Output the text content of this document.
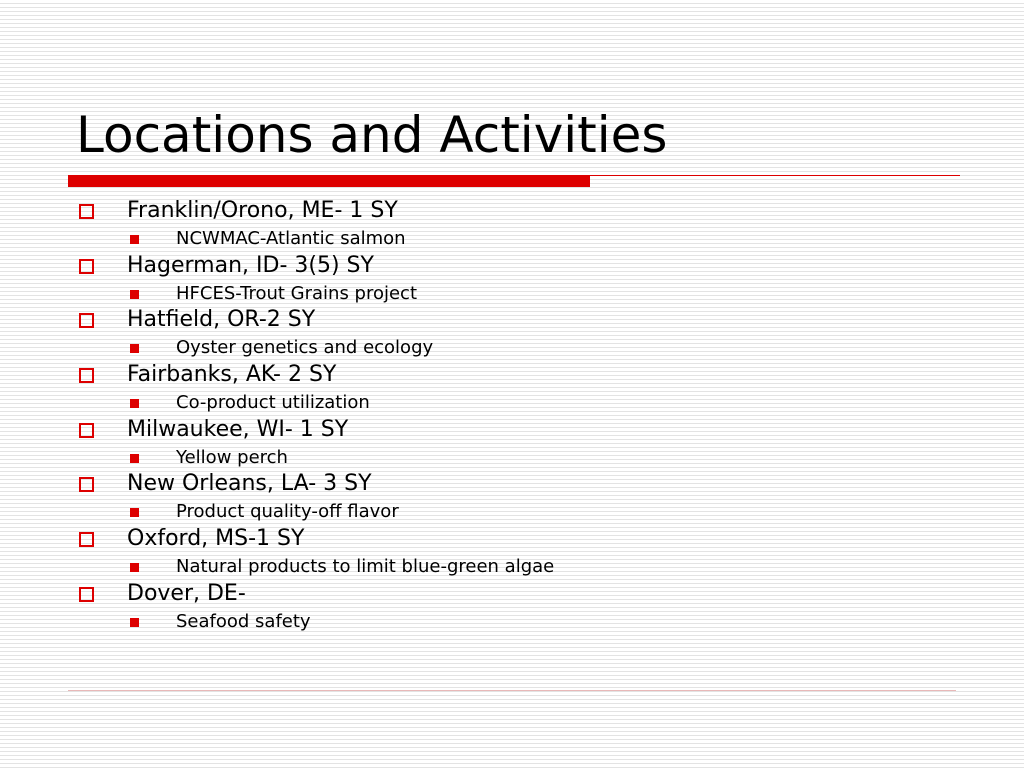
Locations and Activities
Franklin/Orono, ME- 1 SY
NCWMAC-Atlantic salmon
Hagerman, ID- 3(5) SY
HFCES-Trout Grains project
Hatfield, OR-2 SY
Oyster genetics and ecology
Fairbanks, AK- 2 SY
Co-product utilization
Milwaukee, WI- 1 SY
Yellow perch
New Orleans, LA- 3 SY
Product quality-off flavor
Oxford, MS-1 SY
Natural products to limit blue-green algae
Dover, DE-
Seafood safety
